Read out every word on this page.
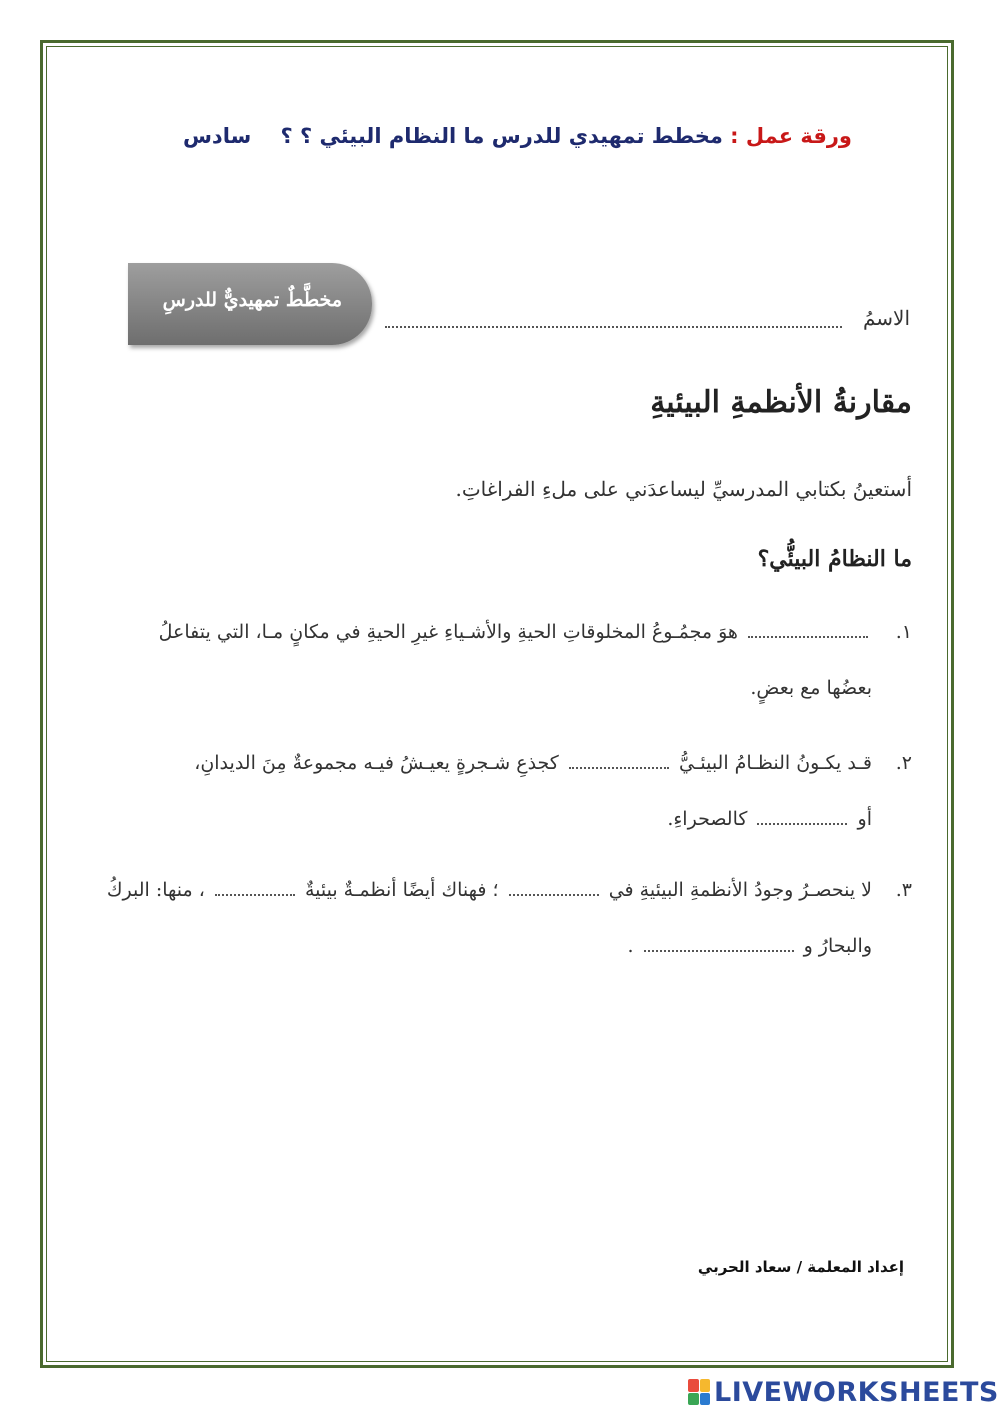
ورقة عمل : مخطط تمهيدي للدرس ما النظام البيئي ؟ ؟    سادس
مخطَّطٌ تمهيديٌّ للدرسِ
الاسمُ
مقارنةُ الأنظمةِ البيئيةِ
أستعينُ بكتابي المدرسيِّ ليساعدَني على ملءِ الفراغاتِ.
ما النظامُ البيئُّي؟
١. هوَ مجمُـوعُ المخلوقاتِ الحيةِ والأشـياءِ غيرِ الحيةِ في مكانٍ مـا، التي يتفاعلُ
بعضُها مع بعضٍ.
٢.قـد يكـونُ النظـامُ البيئـيُّ  كجذعِ شـجرةٍ يعيـشُ فيـه مجموعةٌ مِنَ الديدانِ،
أو  كالصحراءِ.
٣.لا ينحصـرُ وجودُ الأنظمةِ البيئيةِ في  ؛ فهناك أيضًا أنظمـةٌ بيئيةٌ  ، منها: البركُ
والبحارُ و  .
إعداد المعلمة / سعاد الحربي
LIVEWORKSHEETS
